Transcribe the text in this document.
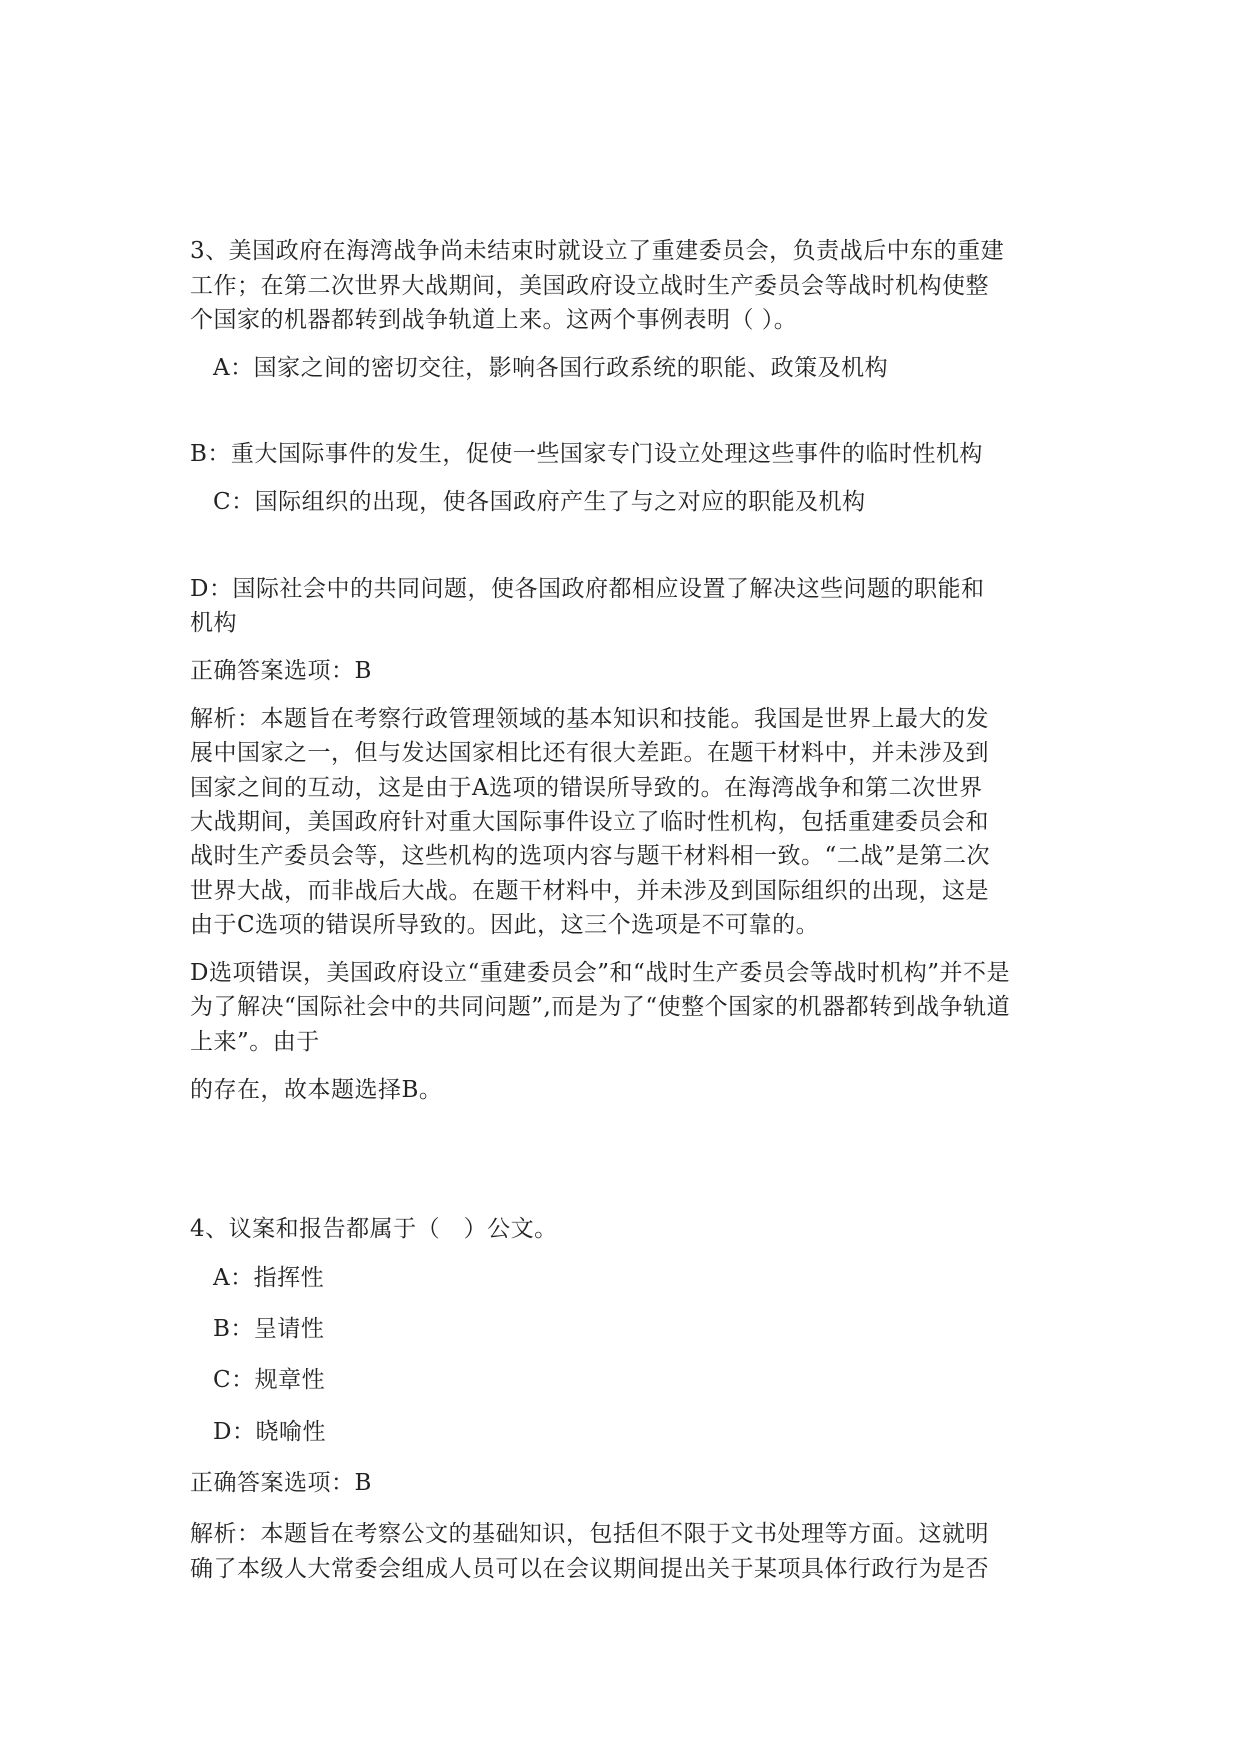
3、美国政府在海湾战争尚未结束时就设立了重建委员会，负责战后中东的重建
工作；在第二次世界大战期间，美国政府设立战时生产委员会等战时机构使整
个国家的机器都转到战争轨道上来。这两个事例表明（ ）。
A：国家之间的密切交往，影响各国行政系统的职能、政策及机构
B：重大国际事件的发生，促使一些国家专门设立处理这些事件的临时性机构
C：国际组织的出现，使各国政府产生了与之对应的职能及机构
D：国际社会中的共同问题，使各国政府都相应设置了解决这些问题的职能和
机构
正确答案选项：B
解析：本题旨在考察行政管理领域的基本知识和技能。我国是世界上最大的发
展中国家之一，但与发达国家相比还有很大差距。在题干材料中，并未涉及到
国家之间的互动，这是由于A选项的错误所导致的。在海湾战争和第二次世界
大战期间，美国政府针对重大国际事件设立了临时性机构，包括重建委员会和
战时生产委员会等，这些机构的选项内容与题干材料相一致。“二战”是第二次
世界大战，而非战后大战。在题干材料中，并未涉及到国际组织的出现，这是
由于C选项的错误所导致的。因此，这三个选项是不可靠的。
D选项错误，美国政府设立“重建委员会”和“战时生产委员会等战时机构”并不是
为了解决“国际社会中的共同问题”,而是为了“使整个国家的机器都转到战争轨道
上来”。由于
的存在，故本题选择B。
4、议案和报告都属于（　）公文。
A：指挥性
B：呈请性
C：规章性
D：晓喻性
正确答案选项：B
解析：本题旨在考察公文的基础知识，包括但不限于文书处理等方面。这就明
确了本级人大常委会组成人员可以在会议期间提出关于某项具体行政行为是否
